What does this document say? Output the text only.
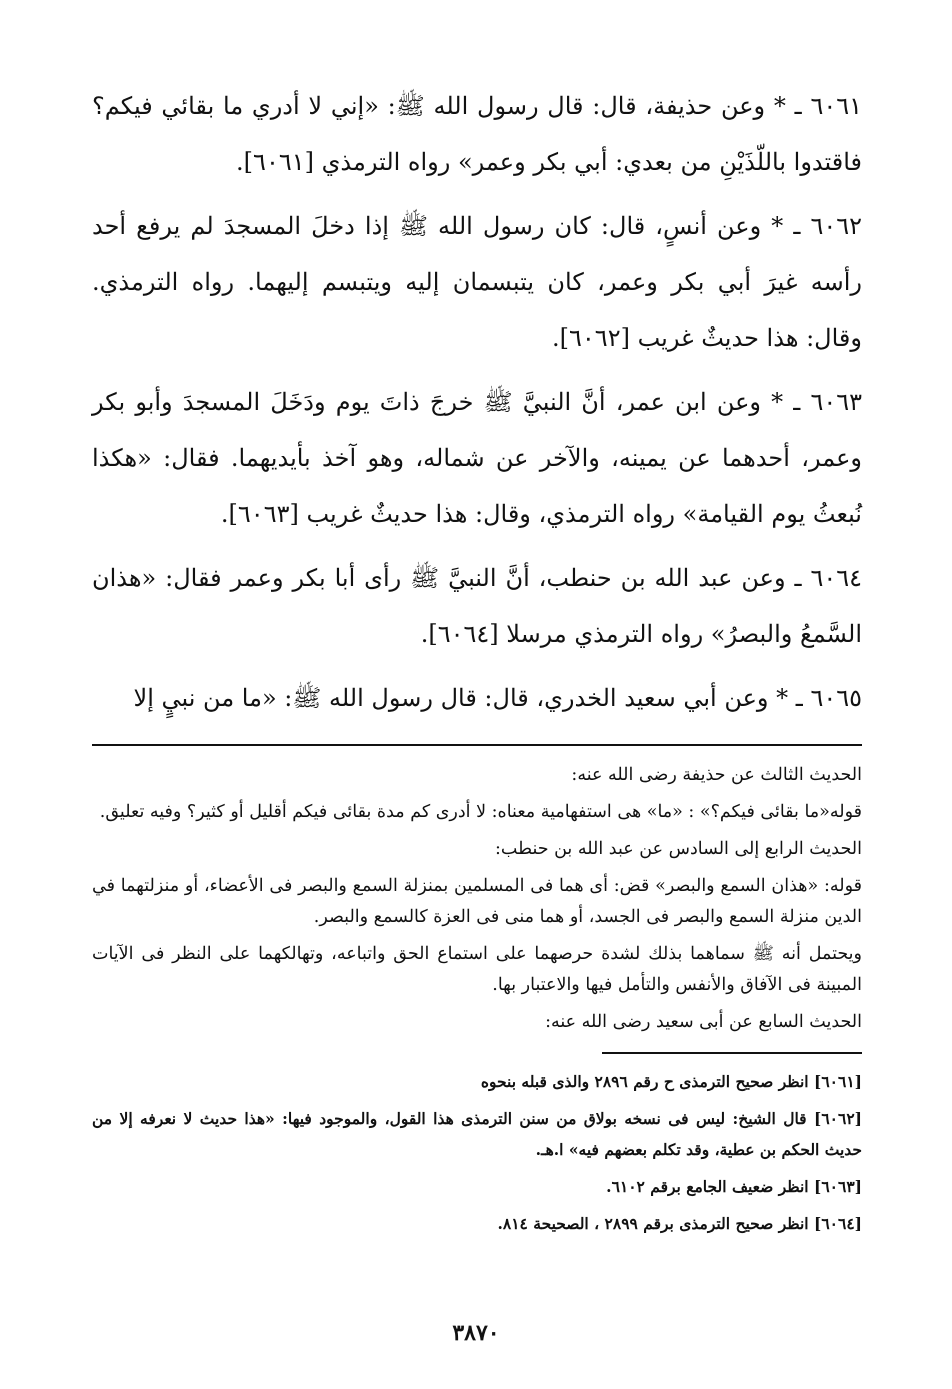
٦٠٦١ ـ * وعن حذيفة، قال: قال رسول الله ﷺ: «إني لا أدري ما بقائي فيكم؟ فاقتدوا باللّذَيْنِ من بعدي: أبي بكر وعمر» رواه الترمذي [٦٠٦١].

٦٠٦٢ ـ * وعن أنسٍ، قال: كان رسول الله ﷺ إذا دخلَ المسجدَ لم يرفع أحد رأسه غيرَ أبي بكر وعمر، كان يتبسمان إليه ويتبسم إليهما. رواه الترمذي. وقال: هذا حديثٌ غريب [٦٠٦٢].

٦٠٦٣ ـ * وعن ابن عمر، أنَّ النبيَّ ﷺ خرجَ ذاتَ يوم ودَخَلَ المسجدَ وأبو بكر وعمر، أحدهما عن يمينه، والآخر عن شماله، وهو آخذ بأيديهما. فقال: «هكذا نُبعثُ يوم القيامة» رواه الترمذي، وقال: هذا حديثٌ غريب [٦٠٦٣].

٦٠٦٤ ـ وعن عبد الله بن حنطب، أنَّ النبيَّ ﷺ رأى أبا بكر وعمر فقال: «هذان السَّمعُ والبصرُ» رواه الترمذي مرسلا [٦٠٦٤].

٦٠٦٥ ـ * وعن أبي سعيد الخدري، قال: قال رسول الله ﷺ: «ما من نبيٍ إلا

الحديث الثالث عن حذيفة رضى الله عنه:

قوله«ما بقائى فيكم؟» : «ما» هى استفهامية معناه: لا أدرى كم مدة بقائى فيكم أقليل أو كثير؟ وفيه تعليق.

الحديث الرابع إلى السادس عن عبد الله بن حنطب:

قوله: «هذان السمع والبصر» قض: أى هما فى المسلمين بمنزلة السمع والبصر فى الأعضاء، أو منزلتهما في الدين منزلة السمع والبصر فى الجسد، أو هما منى فى العزة كالسمع والبصر.

ويحتمل أنه ﷺ سماهما بذلك لشدة حرصهما على استماع الحق واتباعه، وتهالكهما على النظر فى الآيات المبينة فى الآفاق والأنفس والتأمل فيها والاعتبار بها.

الحديث السابع عن أبى سعيد رضى الله عنه:

[٦٠٦١] انظر صحيح الترمذى ح رقم ٢٨٩٦ والذى قبله بنحوه

[٦٠٦٢] قال الشيخ: ليس فى نسخه بولاق من سنن الترمذى هذا القول، والموجود فيها: «هذا حديث لا نعرفه إلا من حديث الحكم بن عطية، وقد تكلم بعضهم فيه» ا.هـ.

[٦٠٦٣] انظر ضعيف الجامع برقم ٦١٠٢.

[٦٠٦٤] انظر صحيح الترمذى برقم ٢٨٩٩ ، الصحيحة ٨١٤.

٣٨٧٠
